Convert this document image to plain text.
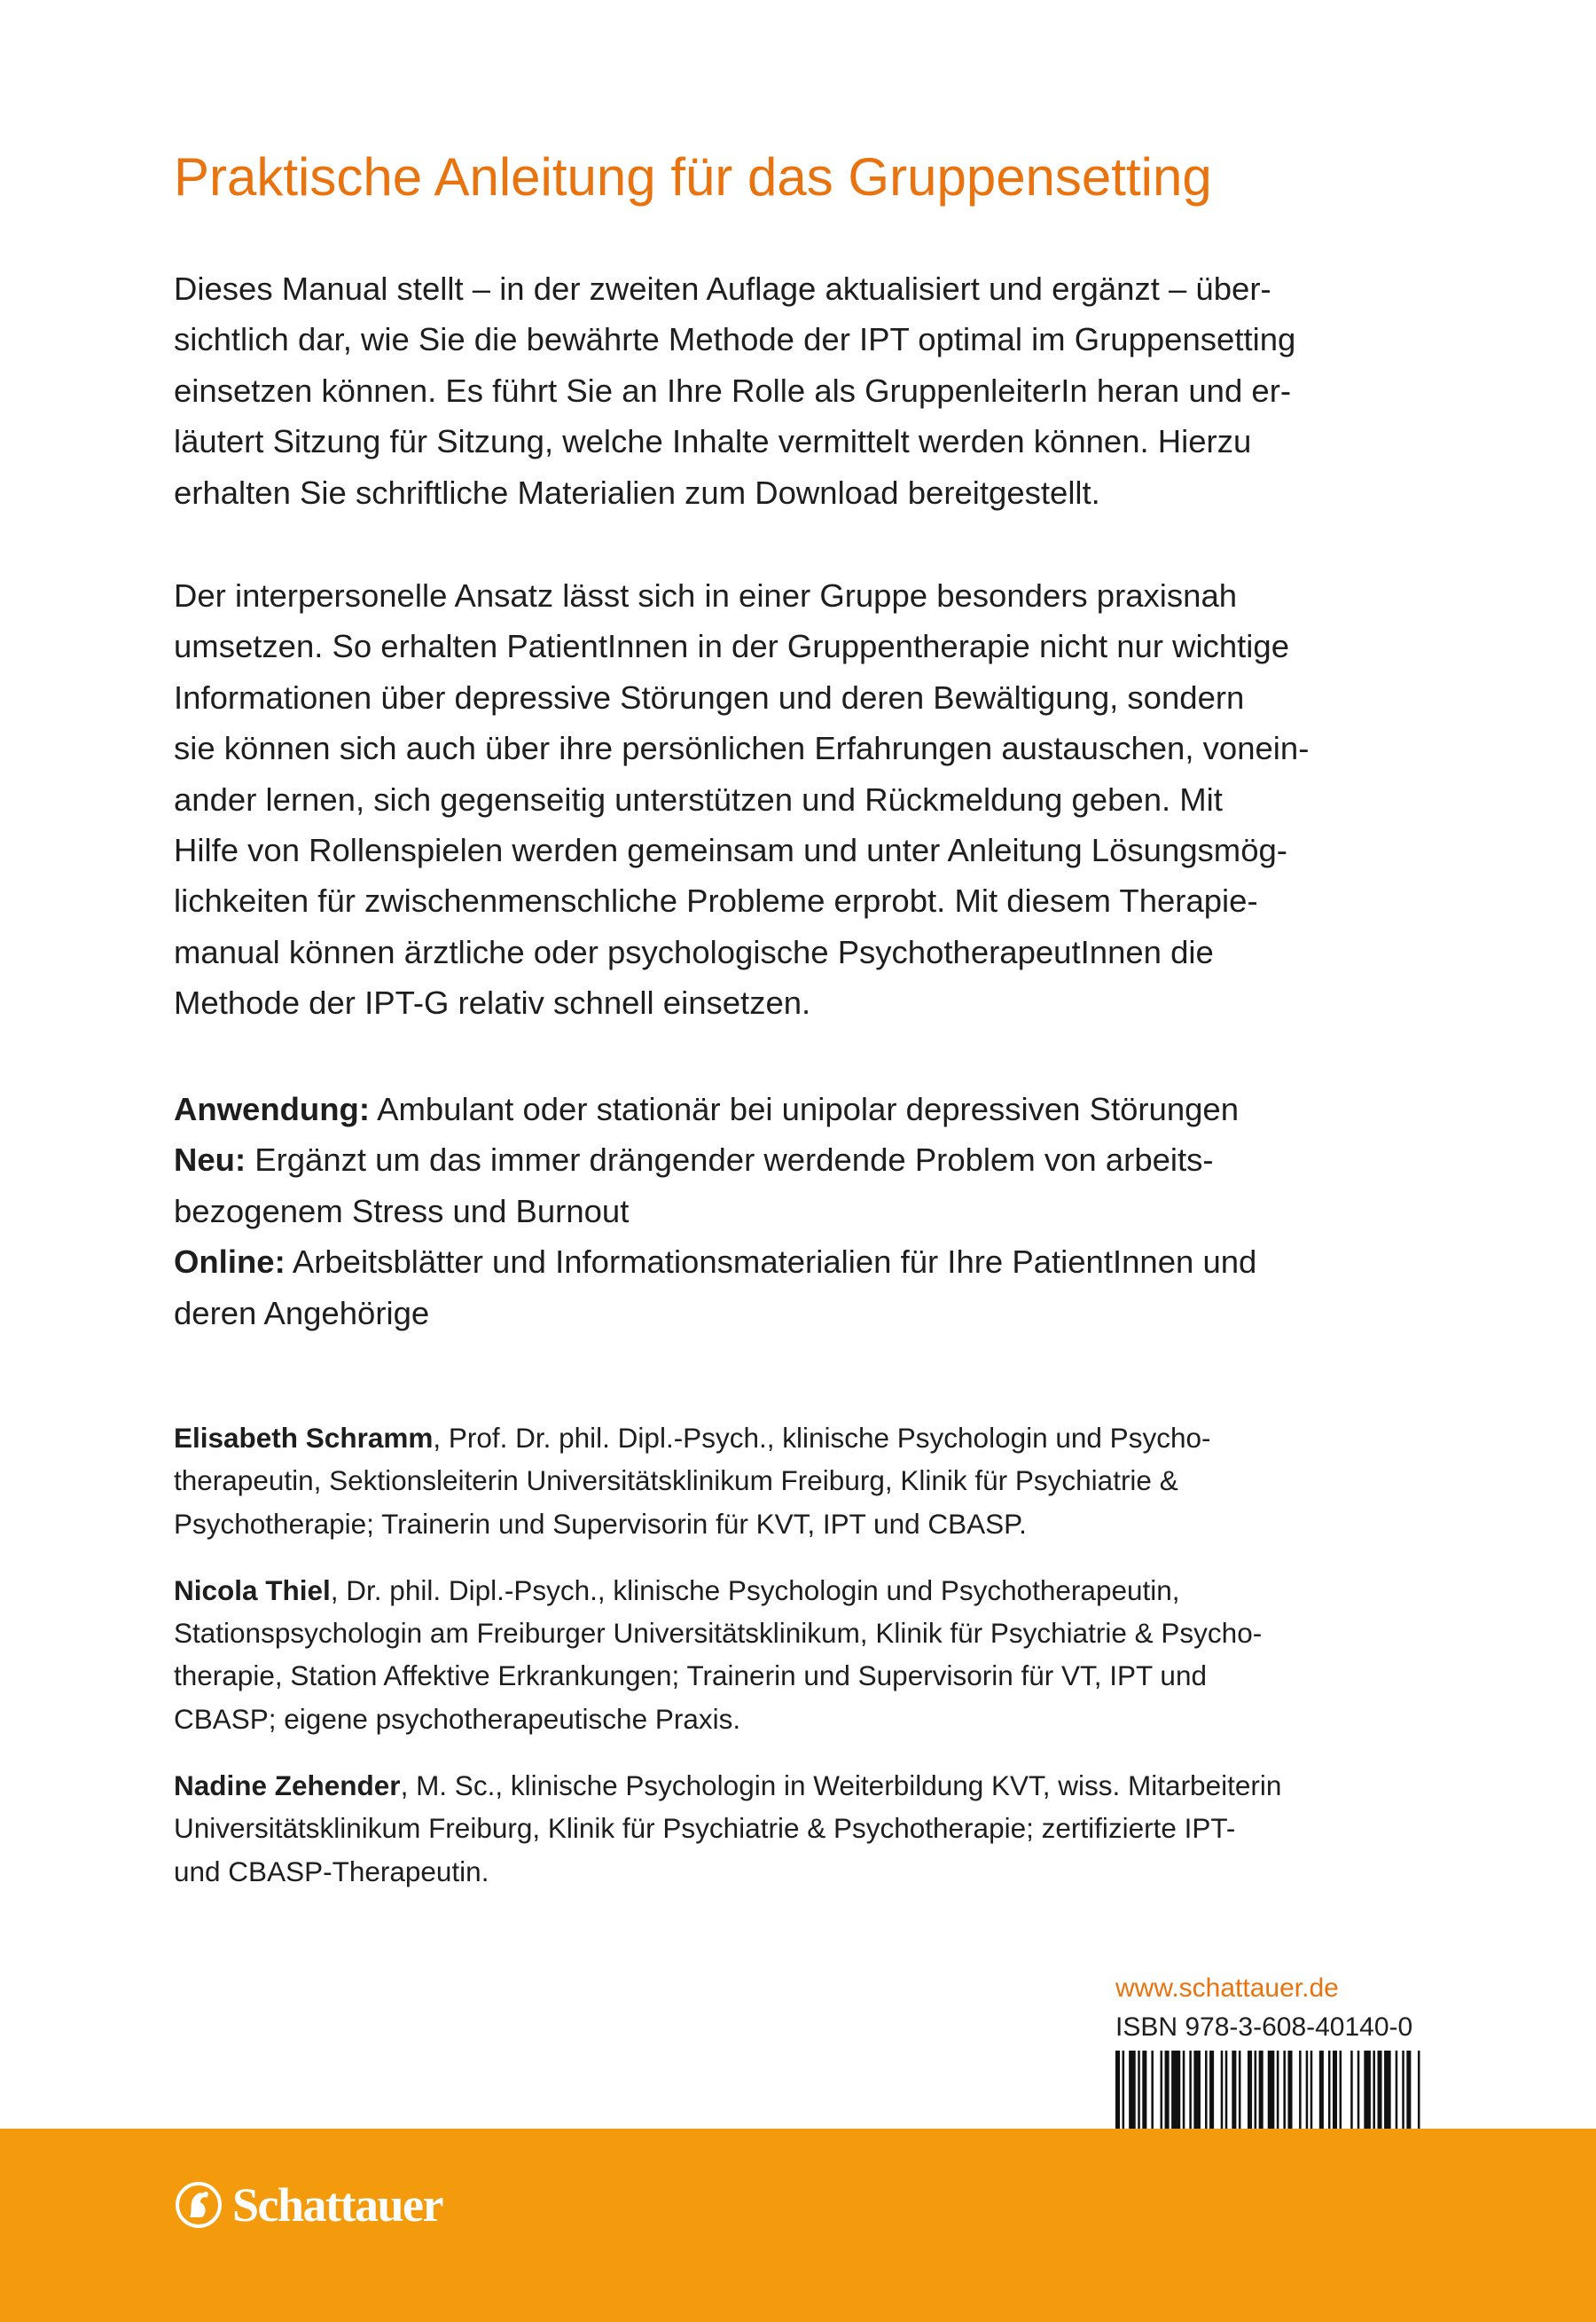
Praktische Anleitung für das Gruppensetting

Dieses Manual stellt – in der zweiten Auflage aktualisiert und ergänzt – über-
sichtlich dar, wie Sie die bewährte Methode der IPT optimal im Gruppensetting
einsetzen können. Es führt Sie an Ihre Rolle als GruppenleiterIn heran und er-
läutert Sitzung für Sitzung, welche Inhalte vermittelt werden können. Hierzu
erhalten Sie schriftliche Materialien zum Download bereitgestellt.

Der interpersonelle Ansatz lässt sich in einer Gruppe besonders praxisnah
umsetzen. So erhalten PatientInnen in der Gruppentherapie nicht nur wichtige
Informationen über depressive Störungen und deren Bewältigung, sondern
sie können sich auch über ihre persönlichen Erfahrungen austauschen, vonein-
ander lernen, sich gegenseitig unterstützen und Rückmeldung geben. Mit
Hilfe von Rollenspielen werden gemeinsam und unter Anleitung Lösungsmög-
lichkeiten für zwischenmenschliche Probleme erprobt. Mit diesem Therapie-
manual können ärztliche oder psychologische PsychotherapeutInnen die
Methode der IPT-G relativ schnell einsetzen.

Anwendung: Ambulant oder stationär bei unipolar depressiven Störungen

Neu: Ergänzt um das immer drängender werdende Problem von arbeits-
bezogenem Stress und Burnout

Online: Arbeitsblätter und Informationsmaterialien für Ihre PatientInnen und
deren Angehörige

Elisabeth Schramm, Prof. Dr. phil. Dipl.-Psych., klinische Psychologin und Psycho-
therapeutin, Sektionsleiterin Universitätsklinikum Freiburg, Klinik für Psychiatrie &
Psychotherapie; Trainerin und Supervisorin für KVT, IPT und CBASP.

Nicola Thiel, Dr. phil. Dipl.-Psych., klinische Psychologin und Psychotherapeutin,
Stationspsychologin am Freiburger Universitätsklinikum, Klinik für Psychiatrie & Psycho-
therapie, Station Affektive Erkrankungen; Trainerin und Supervisorin für VT, IPT und
CBASP; eigene psychotherapeutische Praxis.

Nadine Zehender, M. Sc., klinische Psychologin in Weiterbildung KVT, wiss. Mitarbeiterin
Universitätsklinikum Freiburg, Klinik für Psychiatrie & Psychotherapie; zertifizierte IPT-
und CBASP-Therapeutin.

www.schattauer.de

ISBN 978-3-608-40140-0

Schattauer
